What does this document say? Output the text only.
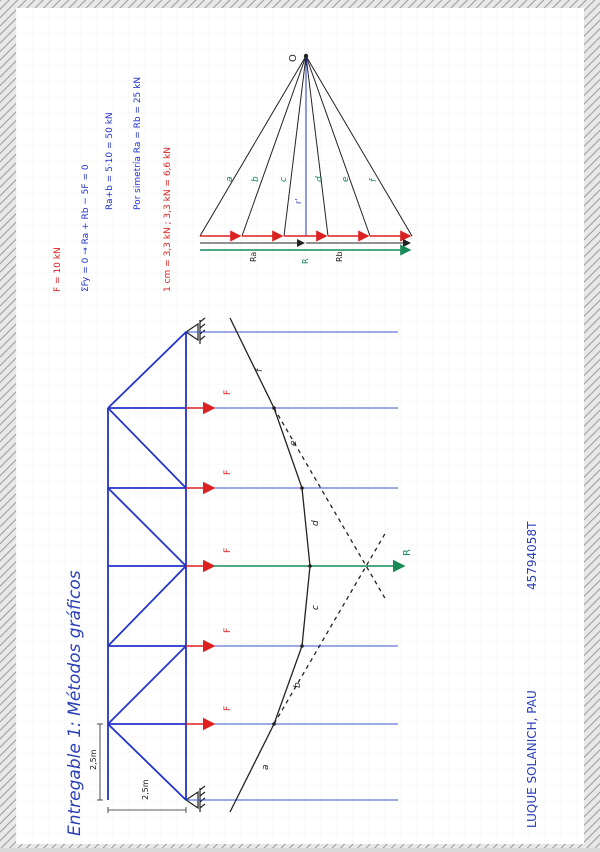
2,5m
2,5m
F
F
F
F
F
R
f
e
d
c
b
a
O
a b c	d e f
r'
Ra	R	Rb
F = 10 kN ΣFy = 0 → Ra + Rb − 5F = 0
Ra+b = 5·10 = 50 kN Por simetría Ra = Rb = 25 kN
1 cm = 3,3 kN ; 3,3 kN = 6,6 kN
Entregable 1: Métodos gráficos
45794058T
LUQUE SOLANICH, PAU
